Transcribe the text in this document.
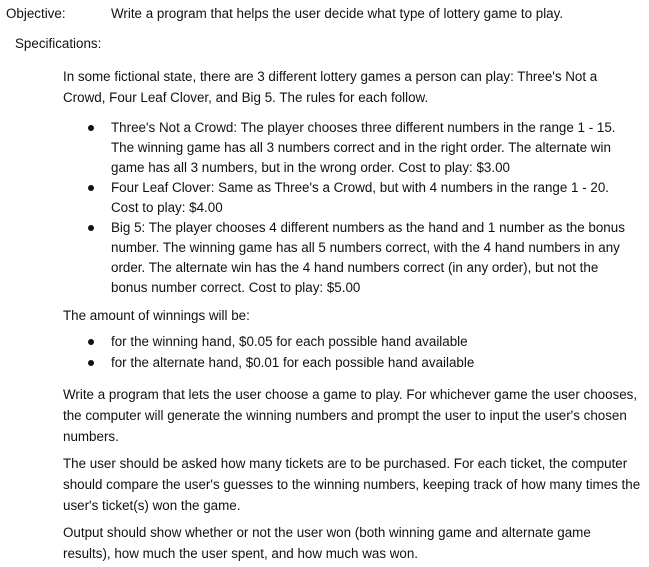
Objective:	Write a program that helps the user decide what type of lottery game to play.
Specifications:

In some fictional state, there are 3 different lottery games a person can play: Three's Not a Crowd, Four Leaf Clover, and Big 5. The rules for each follow.

Three's Not a Crowd: The player chooses three different numbers in the range 1 - 15. The winning game has all 3 numbers correct and in the right order. The alternate win game has all 3 numbers, but in the wrong order. Cost to play: $3.00
Four Leaf Clover: Same as Three's a Crowd, but with 4 numbers in the range 1 - 20. Cost to play: $4.00
Big 5: The player chooses 4 different numbers as the hand and 1 number as the bonus number. The winning game has all 5 numbers correct, with the 4 hand numbers in any order. The alternate win has the 4 hand numbers correct (in any order), but not the bonus number correct. Cost to play: $5.00

The amount of winnings will be:

for the winning hand, $0.05 for each possible hand available
for the alternate hand, $0.01 for each possible hand available

Write a program that lets the user choose a game to play. For whichever game the user chooses, the computer will generate the winning numbers and prompt the user to input the user's chosen numbers.

The user should be asked how many tickets are to be purchased. For each ticket, the computer should compare the user's guesses to the winning numbers, keeping track of how many times the user's ticket(s) won the game.

Output should show whether or not the user won (both winning game and alternate game results), how much the user spent, and how much was won.
